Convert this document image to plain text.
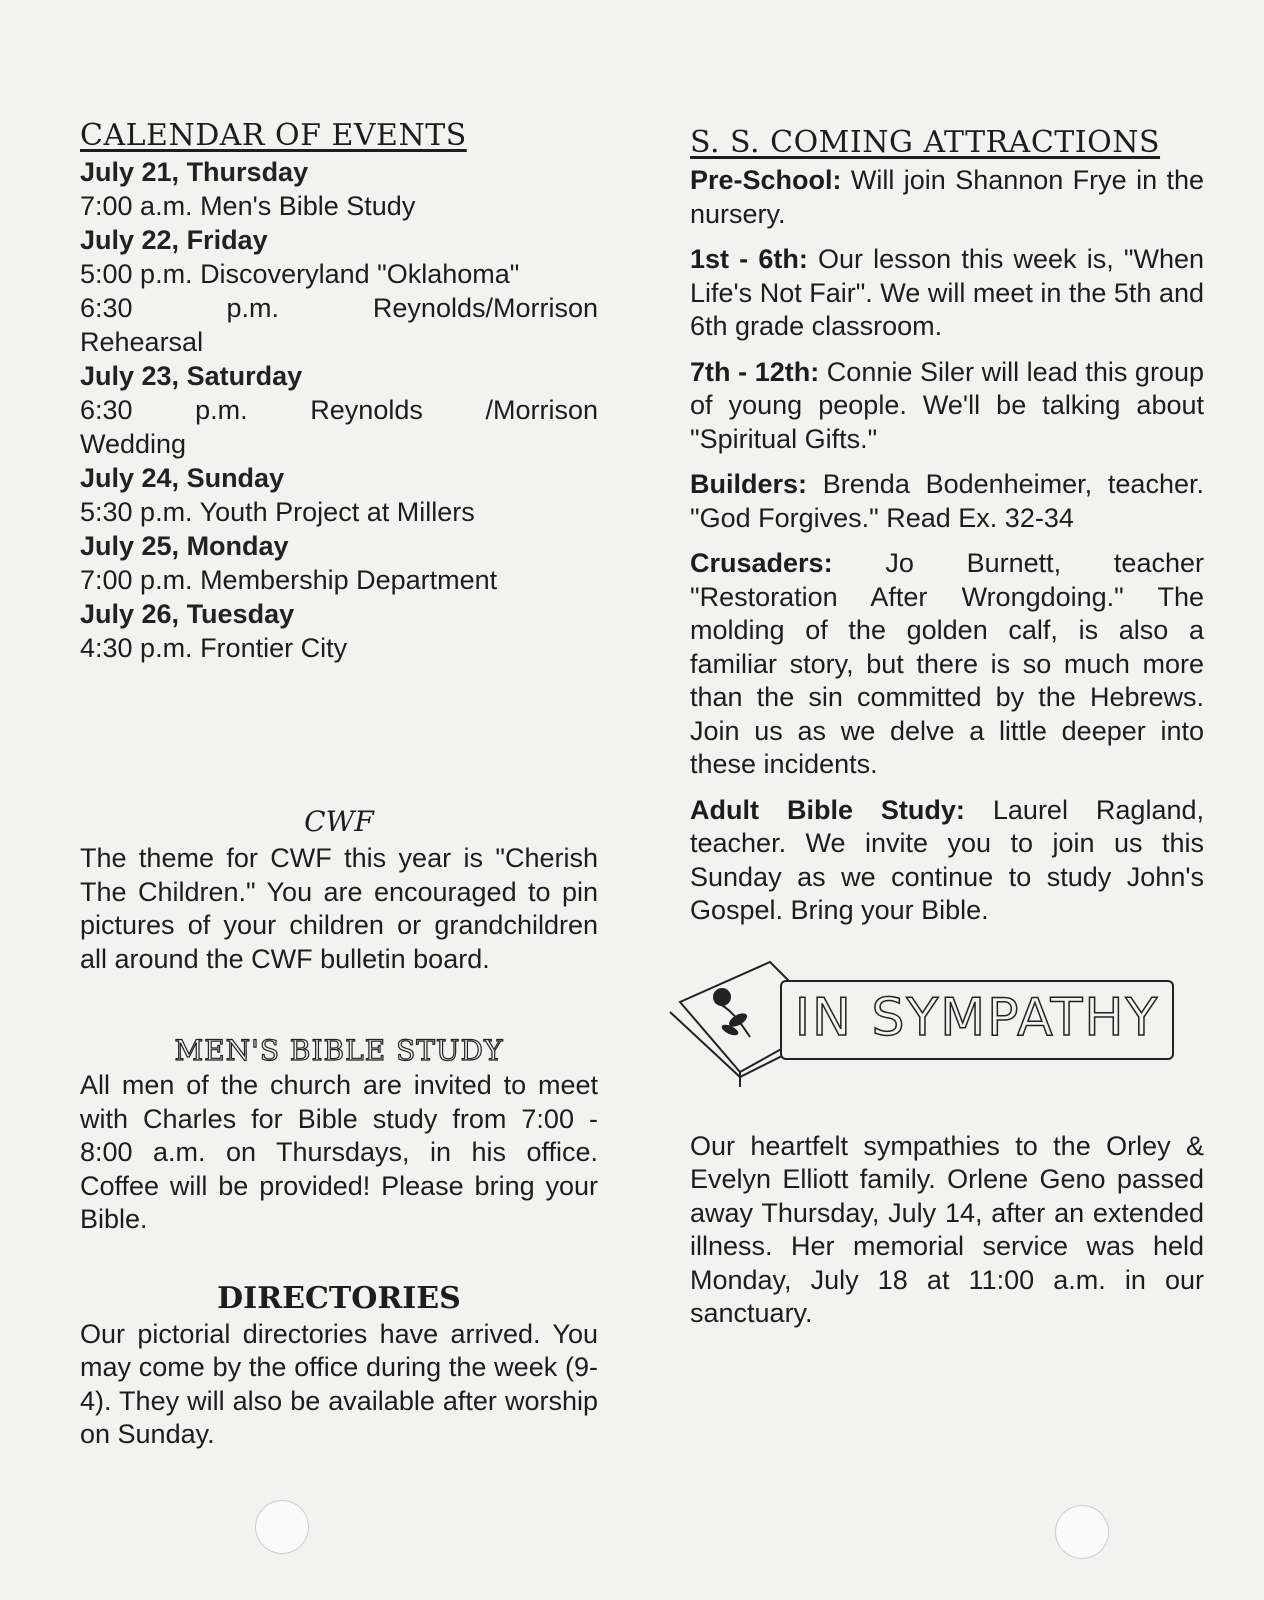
CALENDAR OF EVENTS
July 21, Thursday
7:00 a.m. Men's Bible Study
July 22, Friday
5:00 p.m. Discoveryland "Oklahoma"
6:30 p.m. Reynolds/Morrison Rehearsal
July 23, Saturday
6:30 p.m. Reynolds /Morrison Wedding
July 24, Sunday
5:30 p.m. Youth Project at Millers
July 25, Monday
7:00 p.m. Membership Department
July 26, Tuesday
4:30 p.m. Frontier City
CWF
The theme for CWF this year is "Cherish The Children." You are encouraged to pin pictures of your children or grandchildren all around the CWF bulletin board.
MEN'S BIBLE STUDY
All men of the church are invited to meet with Charles for Bible study from 7:00 - 8:00 a.m. on Thursdays, in his office. Coffee will be provided! Please bring your Bible.
DIRECTORIES
Our pictorial directories have arrived. You may come by the office during the week (9-4). They will also be available after worship on Sunday.
S. S. COMING ATTRACTIONS

Pre-School: Will join Shannon Frye in the nursery.

1st - 6th: Our lesson this week is, "When Life's Not Fair". We will meet in the 5th and 6th grade classroom.

7th - 12th: Connie Siler will lead this group of young people. We'll be talking about "Spiritual Gifts."

Builders: Brenda Bodenheimer, teacher. "God Forgives." Read Ex. 32-34

Crusaders: Jo Burnett, teacher "Restoration After Wrongdoing." The molding of the golden calf, is also a familiar story, but there is so much more than the sin committed by the Hebrews. Join us as we delve a little deeper into these incidents.

Adult Bible Study: Laurel Ragland, teacher. We invite you to join us this Sunday as we continue to study John's Gospel. Bring your Bible.

IN SYMPATHY
Our heartfelt sympathies to the Orley & Evelyn Elliott family. Orlene Geno passed away Thursday, July 14, after an extended illness. Her memorial service was held Monday, July 18 at 11:00 a.m. in our sanctuary.
